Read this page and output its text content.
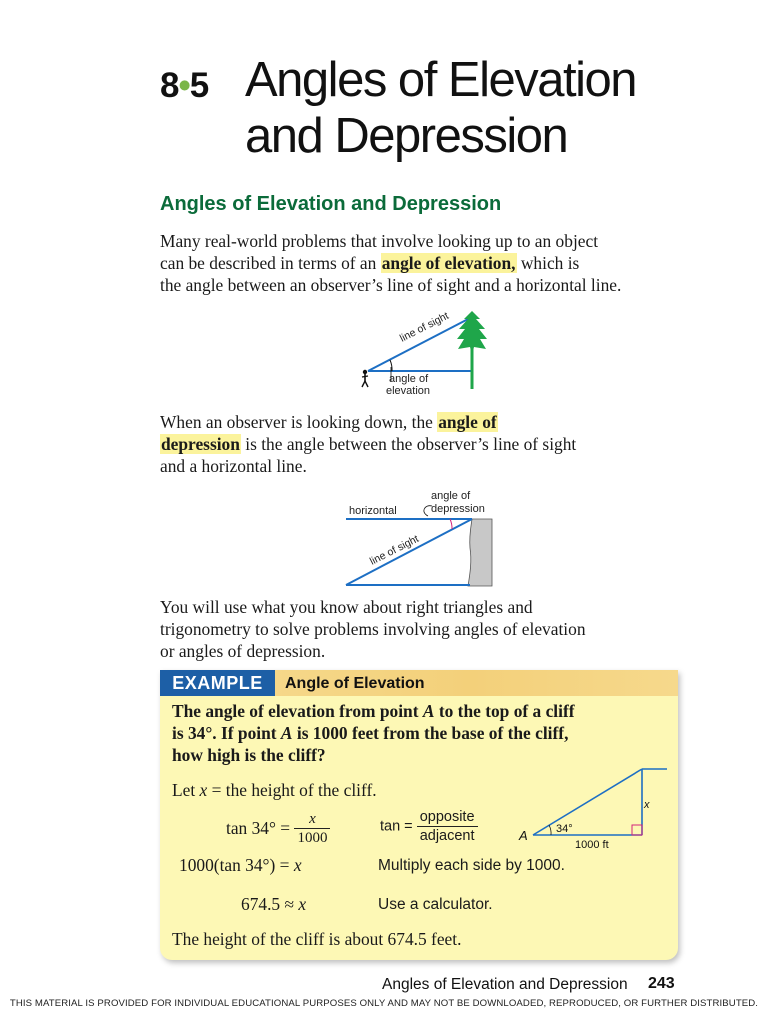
8•5 Angles of Elevation
and Depression
Angles of Elevation and Depression
Many real-world problems that involve looking up to an object
can be described in terms of an angle of elevation, which is
the angle between an observer’s line of sight and a horizontal line.
line of sight
angle of
elevation
When an observer is looking down, the angle of
depression is the angle between the observer’s line of sight
and a horizontal line.
horizontal
angle of
depression
line of sight
You will use what you know about right triangles and
trigonometry to solve problems involving angles of elevation
or angles of depression.
EXAMPLE	Angle of Elevation
The angle of elevation from point A to the top of a cliff
is 34°. If point A is 1000 feet from the base of the cliff,
how high is the cliff?
Let x = the height of the cliff.
$\tan 34^\circ = \frac{x}{1000}$	$\tan = \frac{\text{opposite}}{\text{adjacent}}$
1000(tan 34°) = x	Multiply each side by 1000.
674.5 ≈ x	Use a calculator.
The height of the cliff is about 674.5 feet.
A	34°
1000 ft
x
Angles of Elevation and Depression 243
THIS MATERIAL IS PROVIDED FOR INDIVIDUAL EDUCATIONAL PURPOSES ONLY AND MAY NOT BE DOWNLOADED, REPRODUCED, OR FURTHER DISTRIBUTED.
